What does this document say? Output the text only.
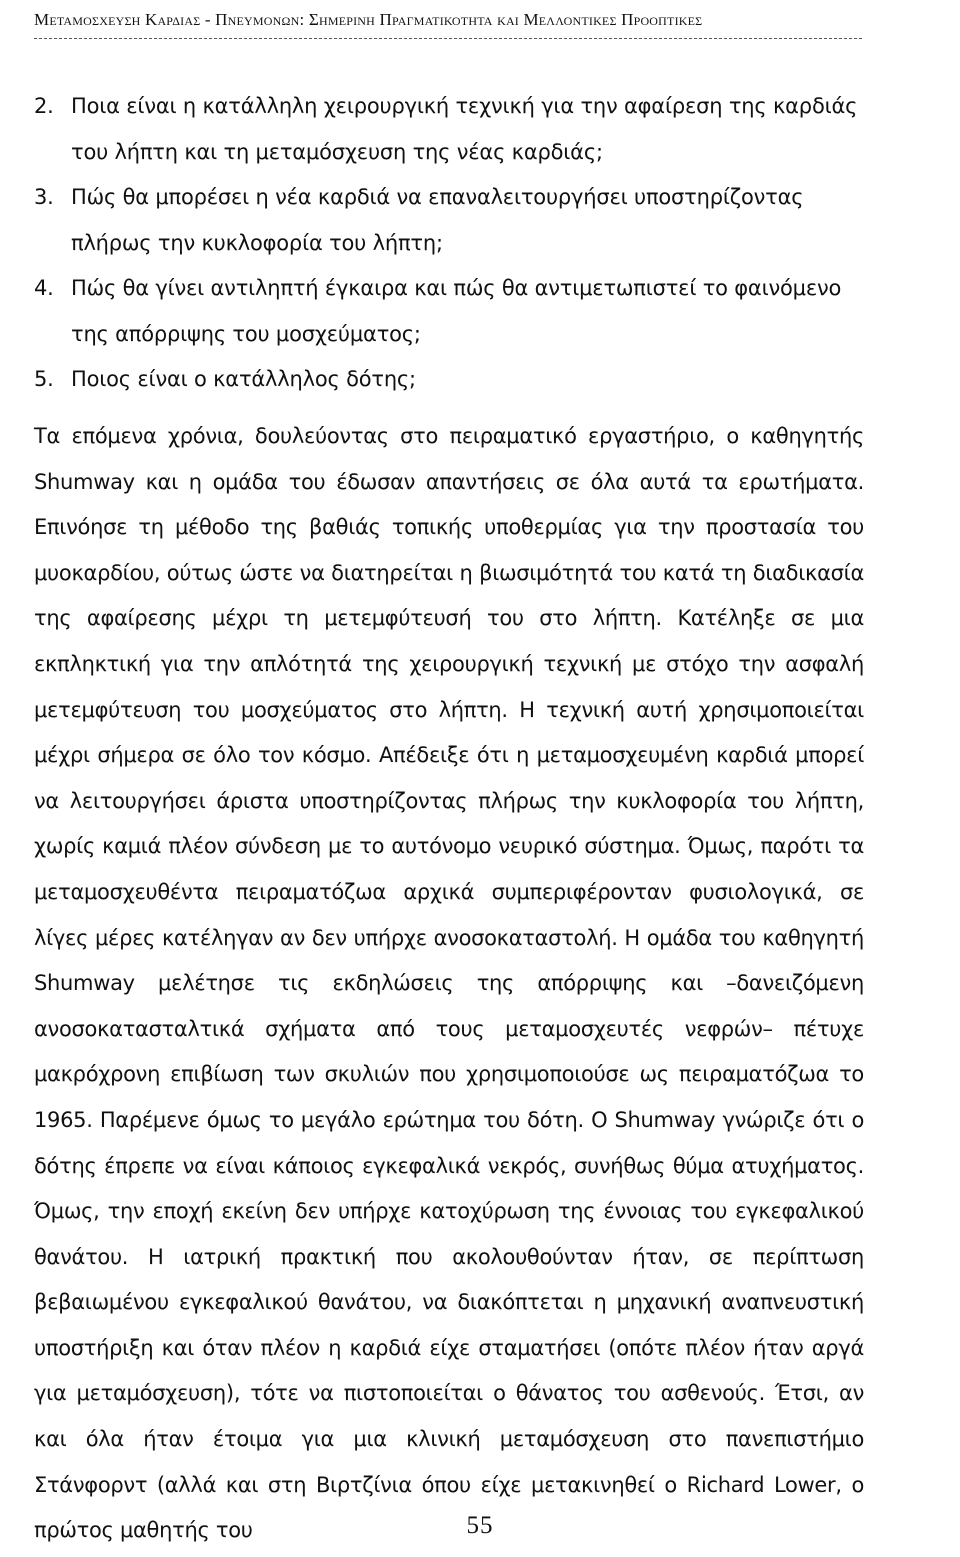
Μεταμοσχευση Καρδιας - Πνευμονων: Σημερινη Πραγματικοτητα και Μελλοντικες Προοπτικες
2. Ποια είναι η κατάλληλη χειρουργική τεχνική για την αφαίρεση της καρδιάς του λήπτη και τη μεταμόσχευση της νέας καρδιάς;
3. Πώς θα μπορέσει η νέα καρδιά να επαναλειτουργήσει υποστηρίζοντας πλήρως την κυκλοφορία του λήπτη;
4. Πώς θα γίνει αντιληπτή έγκαιρα και πώς θα αντιμετωπιστεί το φαινόμενο της απόρριψης του μοσχεύματος;
5. Ποιος είναι ο κατάλληλος δότης;

Τα επόμενα χρόνια, δουλεύοντας στο πειραματικό εργαστήριο, ο καθηγητής Shumway και η ομάδα του έδωσαν απαντήσεις σε όλα αυτά τα ερωτήματα. Επινόησε τη μέθοδο της βαθιάς τοπικής υποθερμίας για την προστασία του μυοκαρδίου, ούτως ώστε να διατηρείται η βιωσιμότητά του κατά τη διαδικασία της αφαίρεσης μέχρι τη μετεμφύτευσή του στο λήπτη. Κατέληξε σε μια εκπληκτική για την απλότητά της χειρουργική τεχνική με στόχο την ασφαλή μετεμφύτευση του μοσχεύματος στο λήπτη. Η τεχνική αυτή χρησιμοποιείται μέχρι σήμερα σε όλο τον κόσμο. Απέδειξε ότι η μεταμοσχευμένη καρδιά μπορεί να λειτουργήσει άριστα υποστηρίζοντας πλήρως την κυκλοφορία του λήπτη, χωρίς καμιά πλέον σύνδεση με το αυτόνομο νευρικό σύστημα. Όμως, παρότι τα μεταμοσχευθέντα πειραματόζωα αρχικά συμπεριφέρονταν φυσιολογικά, σε λίγες μέρες κατέληγαν αν δεν υπήρχε ανοσοκαταστολή. Η ομάδα του καθηγητή Shumway μελέτησε τις εκδηλώσεις της απόρριψης και –δανειζόμενη ανοσοκατασταλτικά σχήματα από τους μεταμοσχευτές νεφρών– πέτυχε μακρόχρονη επιβίωση των σκυλιών που χρησιμοποιούσε ως πειραματόζωα το 1965. Παρέμενε όμως το μεγάλο ερώτημα του δότη. Ο Shumway γνώριζε ότι ο δότης έπρεπε να είναι κάποιος εγκεφαλικά νεκρός, συνήθως θύμα ατυχήματος. Όμως, την εποχή εκείνη δεν υπήρχε κατοχύρωση της έννοιας του εγκεφαλικού θανάτου. Η ιατρική πρακτική που ακολουθούνταν ήταν, σε περίπτωση βεβαιωμένου εγκεφαλικού θανάτου, να διακόπτεται η μηχανική αναπνευστική υποστήριξη και όταν πλέον η καρδιά είχε σταματήσει (οπότε πλέον ήταν αργά για μεταμόσχευση), τότε να πιστοποιείται ο θάνατος του ασθενούς. Έτσι, αν και όλα ήταν έτοιμα για μια κλινική μεταμόσχευση στο πανεπιστήμιο Στάνφορντ (αλλά και στη Βιρτζίνια όπου είχε μετακινηθεί ο Richard Lower, ο πρώτος μαθητής του	55
